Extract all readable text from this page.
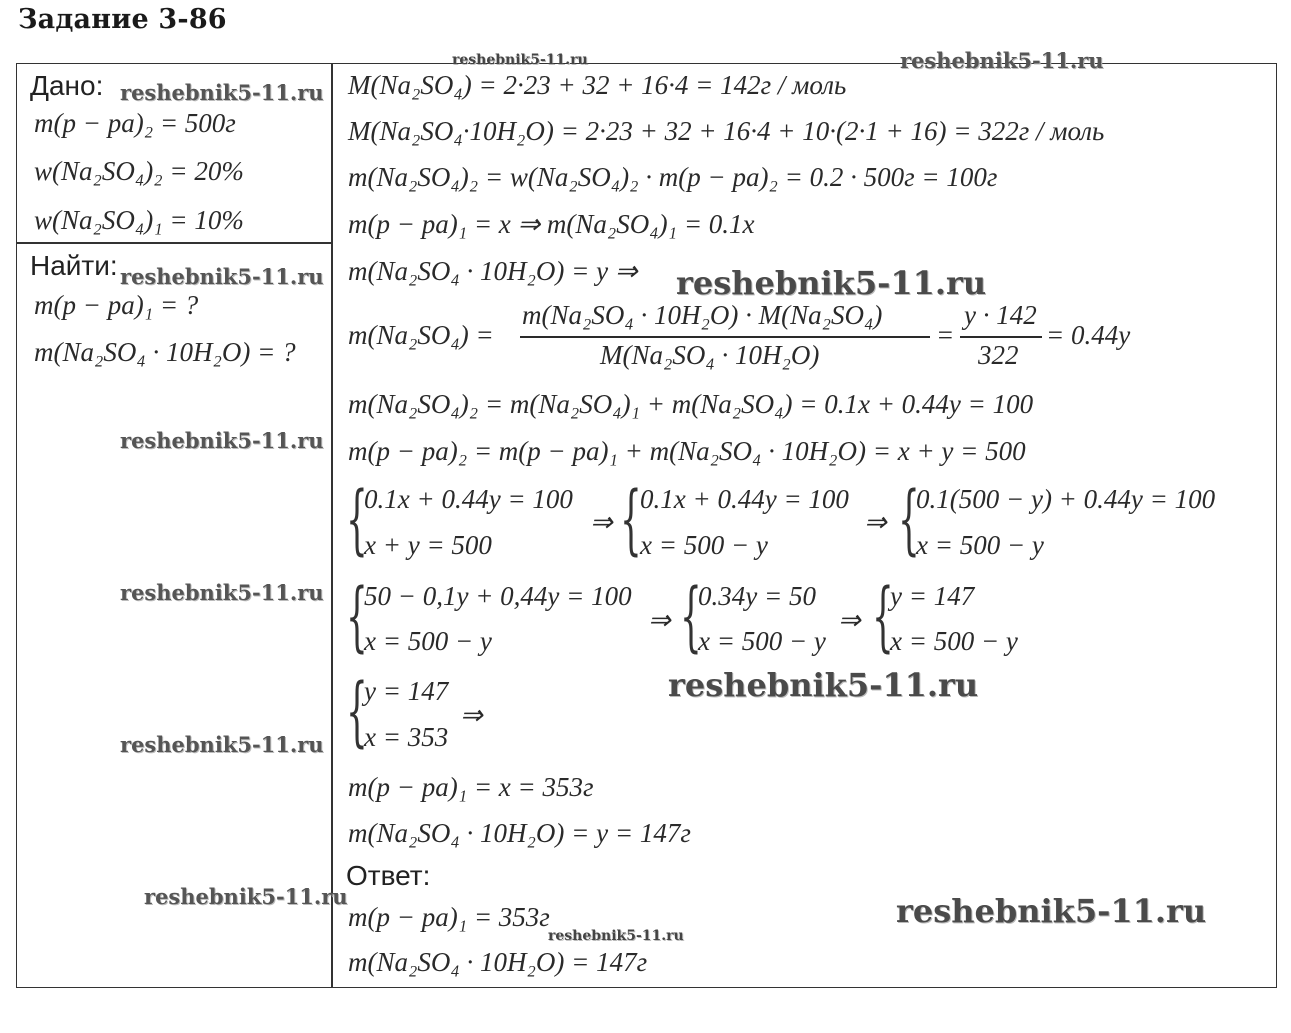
Задание 3-86
Дано:
m(p − pa)₂ = 500г
w(Na₂SO₄)₂ = 20%
w(Na₂SO₄)₁ = 10%
Найти:
m(p − pa)₁ = ?
m(Na₂SO₄ · 10H₂O) = ?
M(Na₂SO₄) = 2·23 + 32 + 16·4 = 142г / моль
M(Na₂SO₄·10H₂O) = 2·23 + 32 + 16·4 + 10·(2·1 + 16) = 322г / моль
m(Na₂SO₄)₂ = w(Na₂SO₄)₂ · m(p − pa)₂ = 0.2 · 500г = 100г
m(p − pa)₁ = x ⇒ m(Na₂SO₄)₁ = 0.1x
m(Na₂SO₄ · 10H₂O) = y ⇒
m(Na₂SO₄) =
m(Na₂SO₄ · 10H₂O) · M(Na₂SO₄)
M(Na₂SO₄ · 10H₂O)
=
y · 142
322
= 0.44y
m(Na₂SO₄)₂ = m(Na₂SO₄)₁ + m(Na₂SO₄) = 0.1x + 0.44y = 100
m(p − pa)₂ = m(p − pa)₁ + m(Na₂SO₄ · 10H₂O) = x + y = 500
{
0.1x + 0.44y = 100
x + y = 500
⇒ {
0.1x + 0.44y = 100
x = 500 − y
⇒ {
0.1(500 − y) + 0.44y = 100
x = 500 − y
{
50 − 0,1y + 0,44y = 100
x = 500 − y
⇒ {
0.34y = 50
x = 500 − y
⇒ {
y = 147
x = 500 − y
{
y = 147
x = 353
⇒
m(p − pa)₁ = x = 353г
m(Na₂SO₄ · 10H₂O) = y = 147г
Ответ:
m(p − pa)₁ = 353г
m(Na₂SO₄ · 10H₂O) = 147г
reshebnik5-11.ru	reshebnik5-11.ru
reshebnik5-11.ru
reshebnik5-11.ru	reshebnik5-11.ru
reshebnik5-11.ru
reshebnik5-11.ru
reshebnik5-11.ru
reshebnik5-11.ru
reshebnik5-11.ru	reshebnik5-11.ru
reshebnik5-11.ru
